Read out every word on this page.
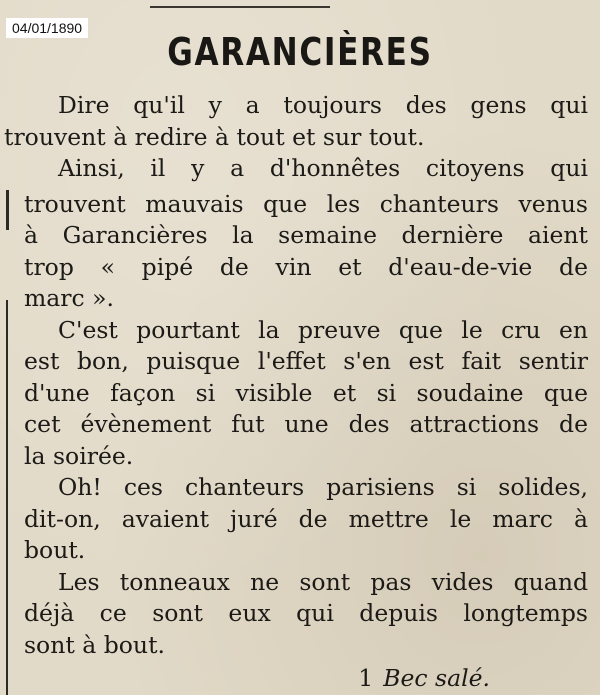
04/01/1890
GARANCIÈRES
Dire qu'il y a toujours des gens qui
trouvent à redire à tout et sur tout.
Ainsi, il y a d'honnêtes citoyens qui
trouvent mauvais que les chanteurs venus
à Garancières la semaine dernière aient
trop « pipé de vin et d'eau-de-vie de
marc ».
C'est pourtant la preuve que le cru en
est bon, puisque l'effet s'en est fait sentir
d'une façon si visible et si soudaine que
cet évènement fut une des attractions de
la soirée.
Oh! ces chanteurs parisiens si solides,
dit-on, avaient juré de mettre le marc à
bout.
Les tonneaux ne sont pas vides quand
déjà ce sont eux qui depuis longtemps
sont à bout.
1 Bec salé.
